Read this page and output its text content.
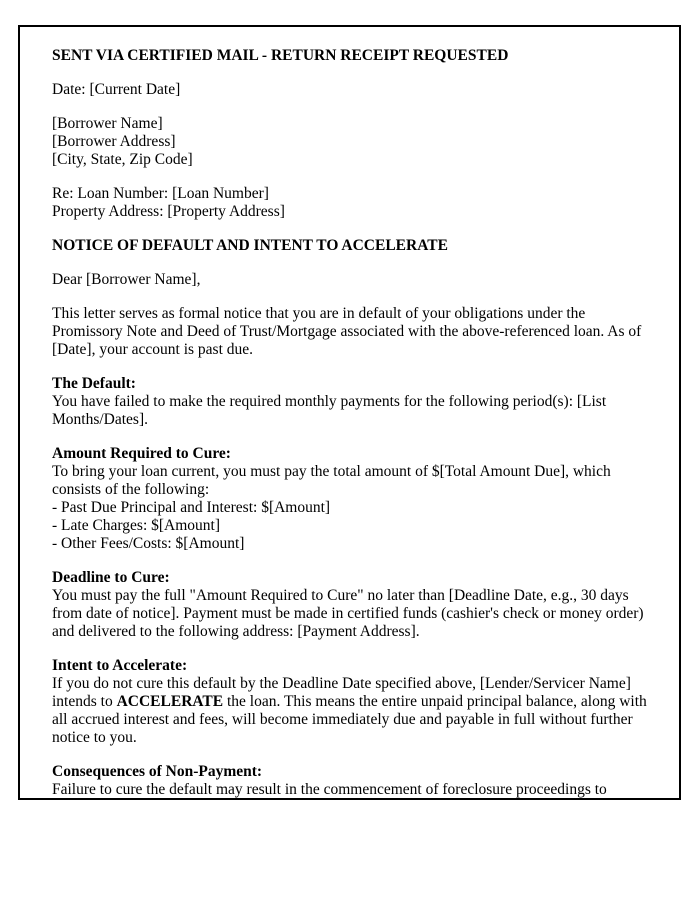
SENT VIA CERTIFIED MAIL - RETURN RECEIPT REQUESTED

Date: [Current Date]

[Borrower Name]
[Borrower Address]
[City, State, Zip Code]
Re: Loan Number: [Loan Number]
Property Address: [Property Address]

NOTICE OF DEFAULT AND INTENT TO ACCELERATE

Dear [Borrower Name],

This letter serves as formal notice that you are in default of your obligations under the Promissory Note and Deed of Trust/Mortgage associated with the above-referenced loan. As of [Date], your account is past due.

The Default:
You have failed to make the required monthly payments for the following period(s): [List Months/Dates].
Amount Required to Cure:
To bring your loan current, you must pay the total amount of $[Total Amount Due], which consists of the following:
- Past Due Principal and Interest: $[Amount]
- Late Charges: $[Amount]
- Other Fees/Costs: $[Amount]
Deadline to Cure:
You must pay the full "Amount Required to Cure" no later than [Deadline Date, e.g., 30 days from date of notice]. Payment must be made in certified funds (cashier's check or money order) and delivered to the following address: [Payment Address].
Intent to Accelerate:
If you do not cure this default by the Deadline Date specified above, [Lender/Servicer Name] intends to ACCELERATE the loan. This means the entire unpaid principal balance, along with all accrued interest and fees, will become immediately due and payable in full without further notice to you.
Consequences of Non-Payment:
Failure to cure the default may result in the commencement of foreclosure proceedings to
